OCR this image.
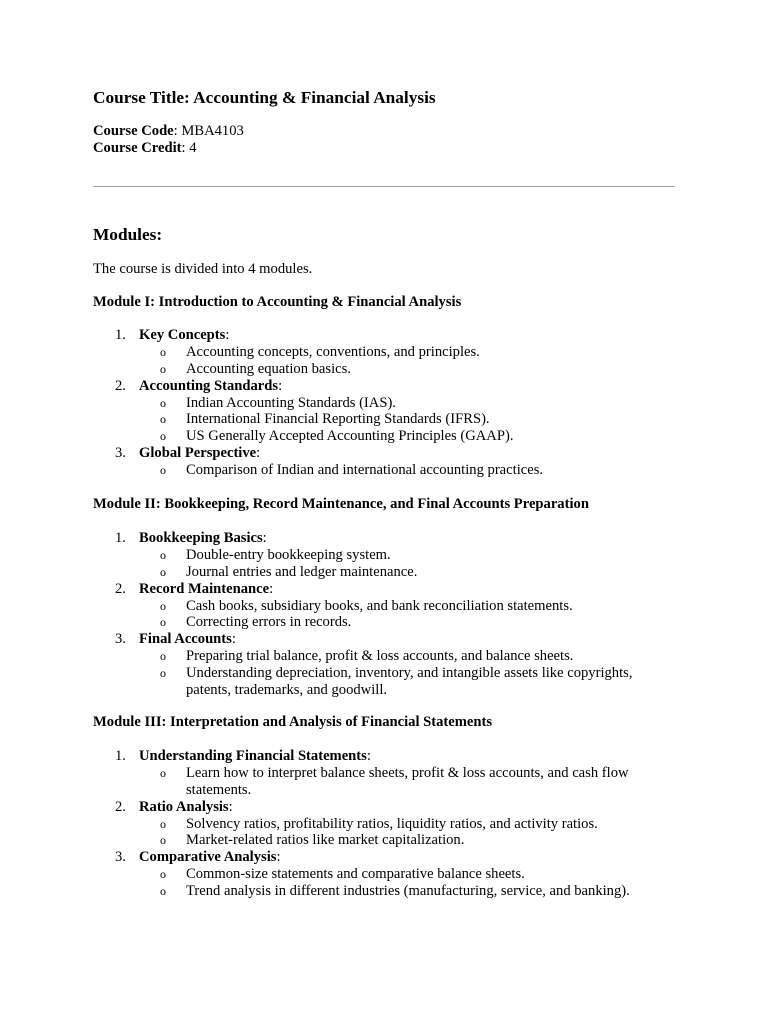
Course Title: Accounting & Financial Analysis
Course Code: MBA4103
Course Credit: 4
Modules:
The course is divided into 4 modules.
Module I: Introduction to Accounting & Financial Analysis
1. Key Concepts:
o Accounting concepts, conventions, and principles.
o Accounting equation basics.
2. Accounting Standards:
o Indian Accounting Standards (IAS).
o International Financial Reporting Standards (IFRS).
o US Generally Accepted Accounting Principles (GAAP).
3. Global Perspective:
o Comparison of Indian and international accounting practices.
Module II: Bookkeeping, Record Maintenance, and Final Accounts Preparation
1. Bookkeeping Basics:
o Double-entry bookkeeping system.
o Journal entries and ledger maintenance.
2. Record Maintenance:
o Cash books, subsidiary books, and bank reconciliation statements.
o Correcting errors in records.
3. Final Accounts:
o Preparing trial balance, profit & loss accounts, and balance sheets.
o Understanding depreciation, inventory, and intangible assets like copyrights, patents, trademarks, and goodwill.
Module III: Interpretation and Analysis of Financial Statements
1. Understanding Financial Statements:
o Learn how to interpret balance sheets, profit & loss accounts, and cash flow statements.
2. Ratio Analysis:
o Solvency ratios, profitability ratios, liquidity ratios, and activity ratios.
o Market-related ratios like market capitalization.
3. Comparative Analysis:
o Common-size statements and comparative balance sheets.
o Trend analysis in different industries (manufacturing, service, and banking).
